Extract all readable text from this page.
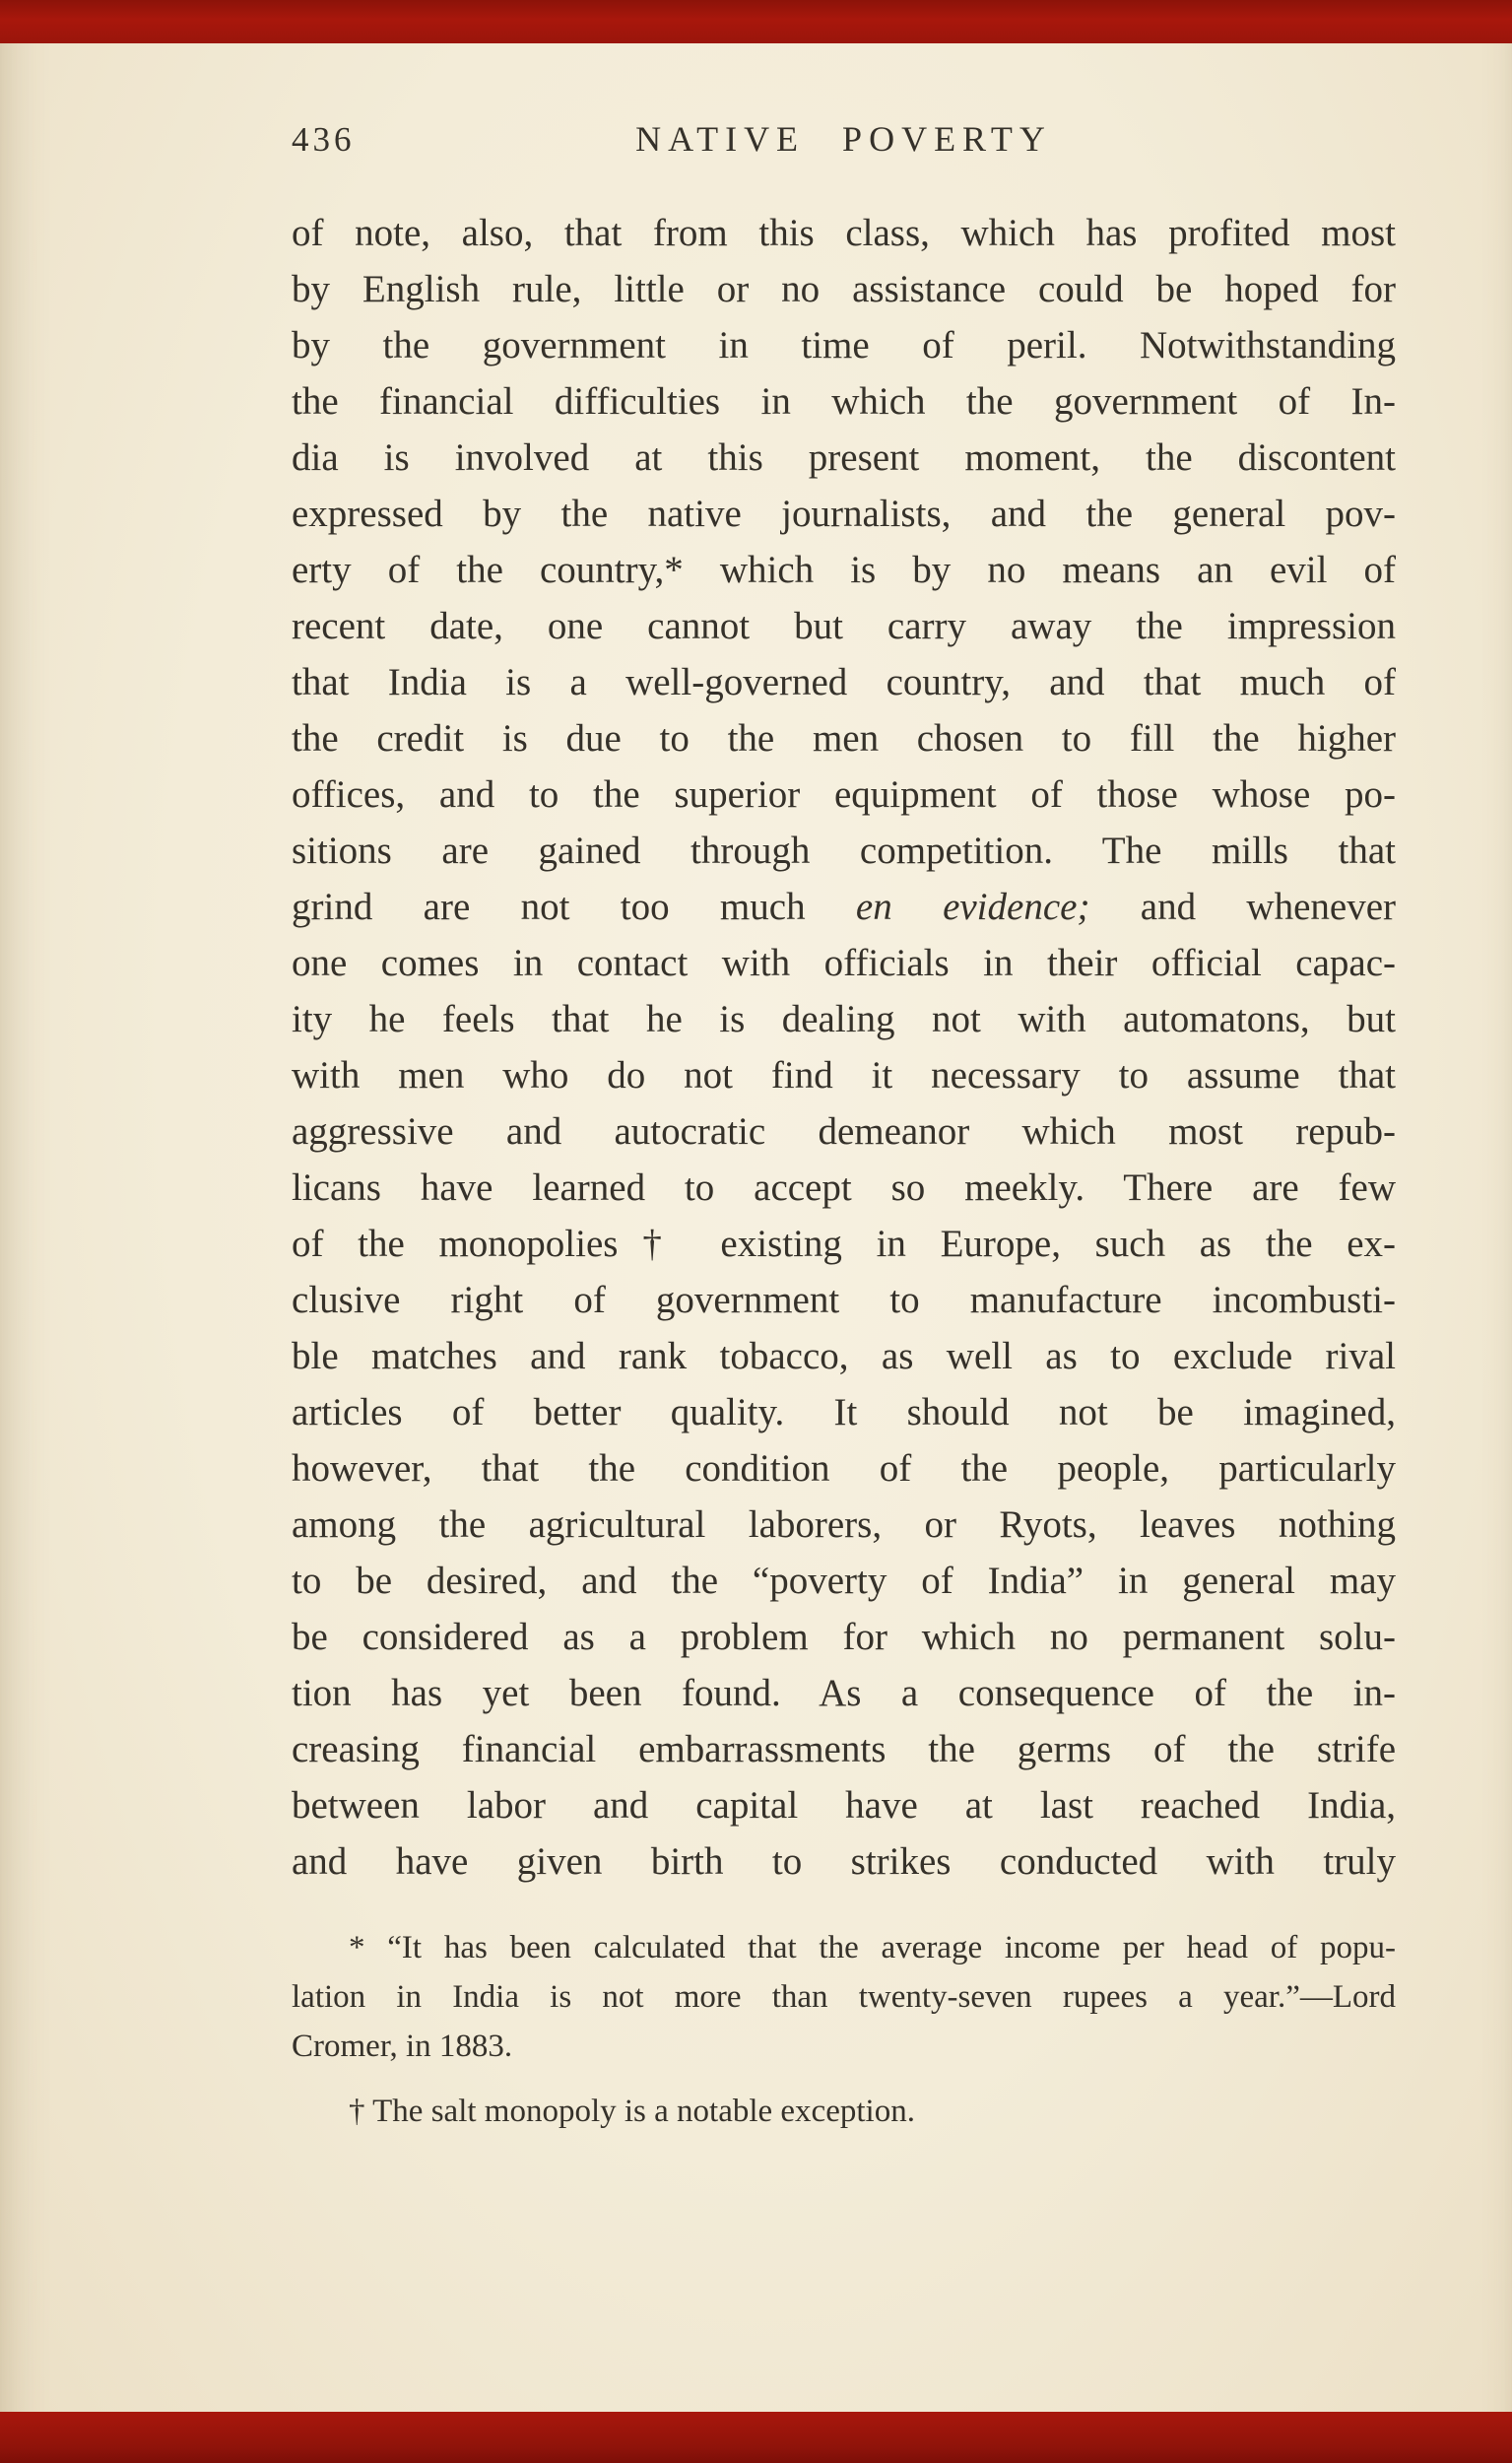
436	NATIVE POVERTY
of note, also, that from this class, which has profited most
by English rule, little or no assistance could be hoped for
by the government in time of peril. Notwithstanding
the financial difficulties in which the government of In-
dia is involved at this present moment, the discontent
expressed by the native journalists, and the general pov-
erty of the country,* which is by no means an evil of
recent date, one cannot but carry away the impression
that India is a well-governed country, and that much of
the credit is due to the men chosen to fill the higher
offices, and to the superior equipment of those whose po-
sitions are gained through competition. The mills that
grind are not too much en evidence; and whenever
one comes in contact with officials in their official capac-
ity he feels that he is dealing not with automatons, but
with men who do not find it necessary to assume that
aggressive and autocratic demeanor which most repub-
licans have learned to accept so meekly. There are few
of the monopolies† existing in Europe, such as the ex-
clusive right of government to manufacture incombusti-
ble matches and rank tobacco, as well as to exclude rival
articles of better quality. It should not be imagined,
however, that the condition of the people, particularly
among the agricultural laborers, or Ryots, leaves nothing
to be desired, and the “poverty of India” in general may
be considered as a problem for which no permanent solu-
tion has yet been found. As a consequence of the in-
creasing financial embarrassments the germs of the strife
between labor and capital have at last reached India,
and have given birth to strikes conducted with truly
* “It has been calculated that the average income per head of popu-
lation in India is not more than twenty-seven rupees a year.”—Lord
Cromer, in 1883.
† The salt monopoly is a notable exception.
